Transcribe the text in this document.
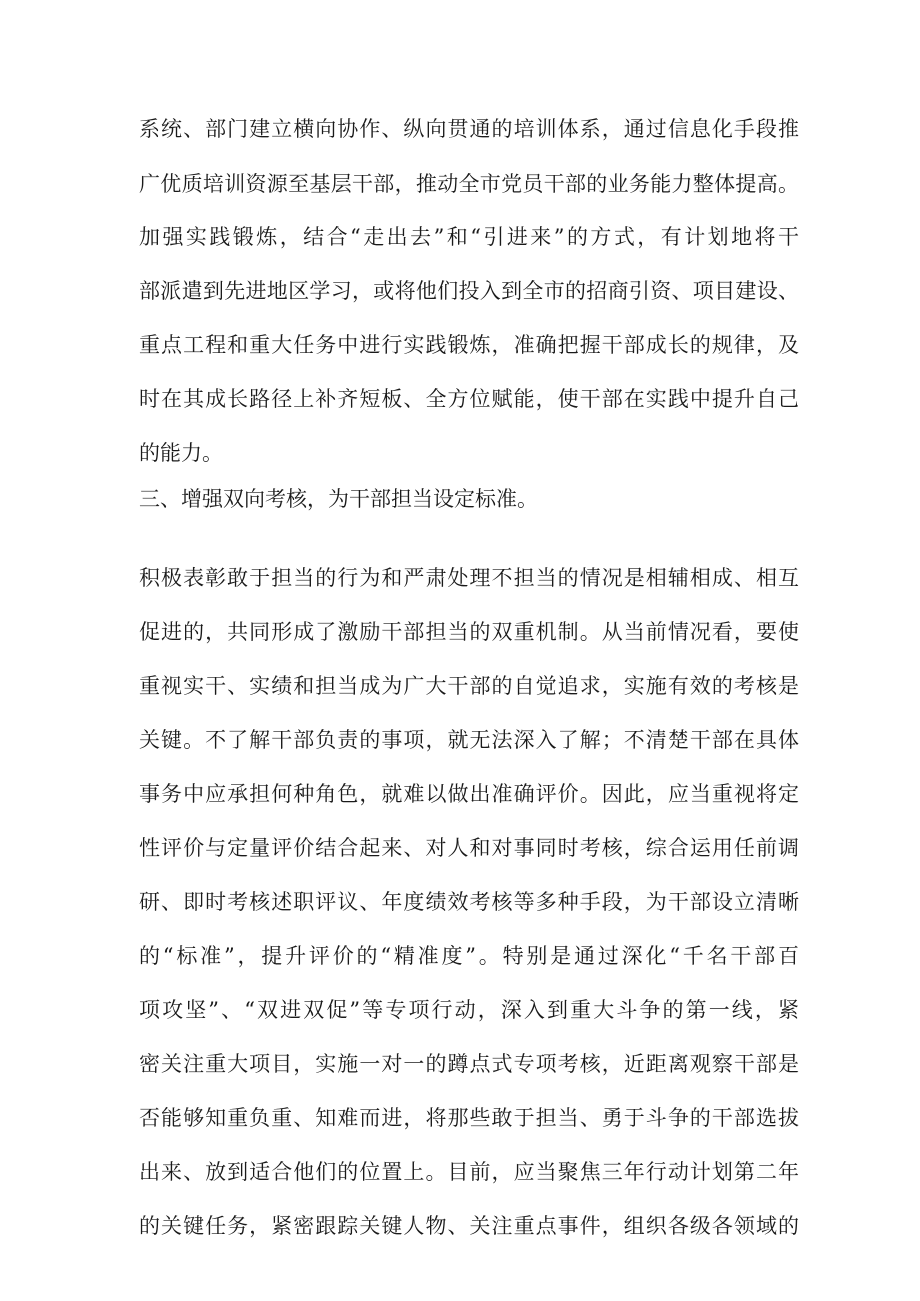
系统、部门建立横向协作、纵向贯通的培训体系，通过信息化手段推
广优质培训资源至基层干部，推动全市党员干部的业务能力整体提高。
加强实践锻炼，结合“走出去”和“引进来”的方式，有计划地将干
部派遣到先进地区学习，或将他们投入到全市的招商引资、项目建设、
重点工程和重大任务中进行实践锻炼，准确把握干部成长的规律，及
时在其成长路径上补齐短板、全方位赋能，使干部在实践中提升自己
的能力。
三、增强双向考核，为干部担当设定标准。
积极表彰敢于担当的行为和严肃处理不担当的情况是相辅相成、相互
促进的，共同形成了激励干部担当的双重机制。从当前情况看，要使
重视实干、实绩和担当成为广大干部的自觉追求，实施有效的考核是
关键。不了解干部负责的事项，就无法深入了解；不清楚干部在具体
事务中应承担何种角色，就难以做出准确评价。因此，应当重视将定
性评价与定量评价结合起来、对人和对事同时考核，综合运用任前调
研、即时考核述职评议、年度绩效考核等多种手段，为干部设立清晰
的“标准”，提升评价的“精准度”。特别是通过深化“千名干部百
项攻坚”、“双进双促”等专项行动，深入到重大斗争的第一线，紧
密关注重大项目，实施一对一的蹲点式专项考核，近距离观察干部是
否能够知重负重、知难而进，将那些敢于担当、勇于斗争的干部选拔
出来、放到适合他们的位置上。目前，应当聚焦三年行动计划第二年
的关键任务，紧密跟踪关键人物、关注重点事件，组织各级各领域的
